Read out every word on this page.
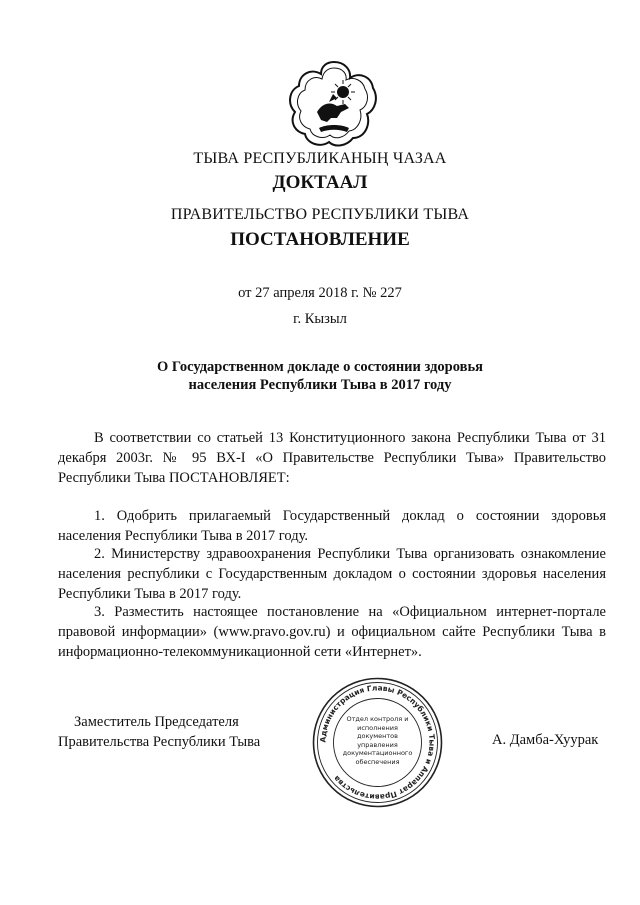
ТЫВА РЕСПУБЛИКАНЫҢ ЧАЗАА
ДОКТААЛ
ПРАВИТЕЛЬСТВО РЕСПУБЛИКИ ТЫВА
ПОСТАНОВЛЕНИЕ
от 27 апреля 2018 г. № 227
г. Кызыл
О Государственном докладе о состоянии здоровья
населения Республики Тыва в 2017 году

В соответствии со статьей 13 Конституционного закона Республики Тыва от 31 декабря 2003г. № 95 ВХ-I «О Правительстве Республики Тыва» Правительство Республики Тыва ПОСТАНОВЛЯЕТ:

1. Одобрить прилагаемый Государственный доклад о состоянии здоровья населения Республики Тыва в 2017 году.

2. Министерству здравоохранения Республики Тыва организовать ознакомление населения республики с Государственным докладом о состоянии здоровья населения Республики Тыва в 2017 году.

3. Разместить настоящее постановление на «Официальном интернет-портале правовой информации» (www.pravo.gov.ru) и официальном сайте Республики Тыва в информационно-телекоммуникационной сети «Интернет».

Заместитель Председателя
Правительства Республики Тыва	Администрация Главы Республики Тыва и Аппарат Правительства
Отдел контроля и исполнения документов управления документационного обеспечения
А. Дамба-Хуурак
